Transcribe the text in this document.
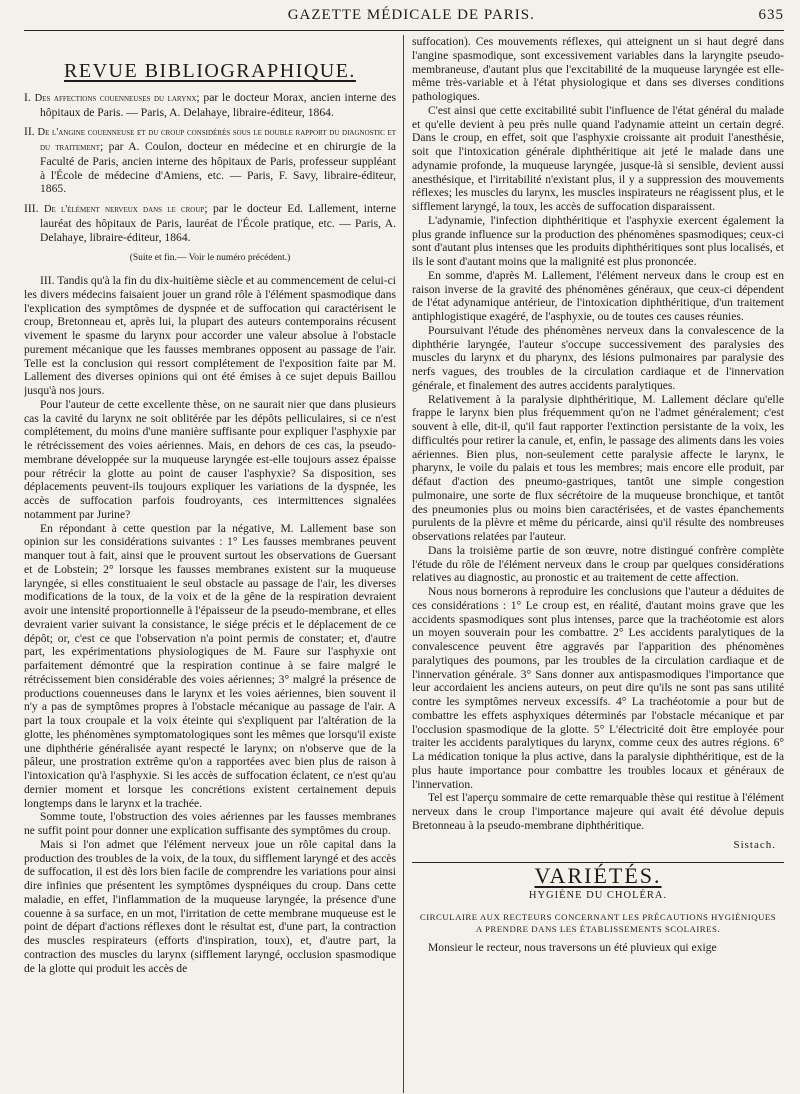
GAZETTE MÉDICALE DE PARIS.	635
REVUE BIBLIOGRAPHIQUE.

I. Des affections couenneuses du larynx; par le docteur Morax, ancien interne des hôpitaux de Paris. — Paris, A. Delahaye, libraire-éditeur, 1864.

II. De l'angine couenneuse et du croup considérés sous le double rapport du diagnostic et du traitement; par A. Coulon, docteur en médecine et en chirurgie de la Faculté de Paris, ancien interne des hôpitaux de Paris, professeur suppléant à l'École de médecine d'Amiens, etc. — Paris, F. Savy, libraire-éditeur, 1865.

III. De l'élément nerveux dans le croup; par le docteur Ed. Lallement, interne lauréat des hôpitaux de Paris, lauréat de l'École pratique, etc. — Paris, A. Delahaye, libraire-éditeur, 1864.

(Suite et fin.— Voir le numéro précédent.)

III. Tandis qu'à la fin du dix-huitième siècle et au commencement de celui-ci les divers médecins faisaient jouer un grand rôle à l'élément spasmodique dans l'explication des symptômes de dyspnée et de suffocation qui caractérisent le croup, Bretonneau et, après lui, la plupart des auteurs contemporains récusent vivement le spasme du larynx pour accorder une valeur absolue à l'obstacle purement mécanique que les fausses membranes opposent au passage de l'air. Telle est la conclusion qui ressort complétement de l'exposition faite par M. Lallement des diverses opinions qui ont été émises à ce sujet depuis Baillou jusqu'à nos jours.

Pour l'auteur de cette excellente thèse, on ne saurait nier que dans plusieurs cas la cavité du larynx ne soit oblitérée par les dépôts pelliculaires, si ce n'est complétement, du moins d'une manière suffisante pour expliquer l'asphyxie par le rétrécissement des voies aériennes. Mais, en dehors de ces cas, la pseudo-membrane développée sur la muqueuse laryngée est-elle toujours assez épaisse pour rétrécir la glotte au point de causer l'asphyxie? Sa disposition, ses déplacements peuvent-ils toujours expliquer les variations de la dyspnée, les accès de suffocation parfois foudroyants, ces intermittences signalées notamment par Jurine?

En répondant à cette question par la négative, M. Lallement base son opinion sur les considérations suivantes : 1° Les fausses membranes peuvent manquer tout à fait, ainsi que le prouvent surtout les observations de Guersant et de Lobstein; 2° lorsque les fausses membranes existent sur la muqueuse laryngée, si elles constituaient le seul obstacle au passage de l'air, les diverses modifications de la toux, de la voix et de la gêne de la respiration devraient avoir une intensité proportionnelle à l'épaisseur de la pseudo-membrane, et elles devraient varier suivant la consistance, le siége précis et le déplacement de ce dépôt; or, c'est ce que l'observation n'a point permis de constater; et, d'autre part, les expérimentations physiologiques de M. Faure sur l'asphyxie ont parfaitement démontré que la respiration continue à se faire malgré le rétrécissement bien considérable des voies aériennes; 3° malgré la présence de productions couenneuses dans le larynx et les voies aériennes, bien souvent il n'y a pas de symptômes propres à l'obstacle mécanique au passage de l'air. A part la toux croupale et la voix éteinte qui s'expliquent par l'altération de la glotte, les phénomènes symptomatologiques sont les mêmes que lorsqu'il existe une diphthérie généralisée ayant respecté le larynx; on n'observe que de la pâleur, une prostration extrême qu'on a rapportées avec bien plus de raison à l'intoxication qu'à l'asphyxie. Si les accès de suffocation éclatent, ce n'est qu'au dernier moment et lorsque les concrétions existent certainement depuis longtemps dans le larynx et la trachée.

Somme toute, l'obstruction des voies aériennes par les fausses membranes ne suffit point pour donner une explication suffisante des symptômes du croup.

Mais si l'on admet que l'élément nerveux joue un rôle capital dans la production des troubles de la voix, de la toux, du sifflement laryngé et des accès de suffocation, il est dès lors bien facile de comprendre les variations pour ainsi dire infinies que présentent les symptômes dyspnéiques du croup. Dans cette maladie, en effet, l'inflammation de la muqueuse laryngée, la présence d'une couenne à sa surface, en un mot, l'irritation de cette membrane muqueuse est le point de départ d'actions réflexes dont le résultat est, d'une part, la contraction des muscles respirateurs (efforts d'inspiration, toux), et, d'autre part, la contraction des muscles du larynx (sifflement laryngé, occlusion spasmodique de la glotte qui produit les accès de

suffocation). Ces mouvements réflexes, qui atteignent un si haut degré dans l'angine spasmodique, sont excessivement variables dans la laryngite pseudo-membraneuse, d'autant plus que l'excitabilité de la muqueuse laryngée est elle-même très-variable et à l'état physiologique et dans ses diverses conditions pathologiques.

C'est ainsi que cette excitabilité subit l'influence de l'état général du malade et qu'elle devient à peu près nulle quand l'adynamie atteint un certain degré. Dans le croup, en effet, soit que l'asphyxie croissante ait produit l'anesthésie, soit que l'intoxication générale diphthéritique ait jeté le malade dans une adynamie profonde, la muqueuse laryngée, jusque-là si sensible, devient aussi anesthésique, et l'irritabilité n'existant plus, il y a suppression des mouvements réflexes; les muscles du larynx, les muscles inspirateurs ne réagissent plus, et le sifflement laryngé, la toux, les accès de suffocation disparaissent.

L'adynamie, l'infection diphthéritique et l'asphyxie exercent également la plus grande influence sur la production des phénomènes spasmodiques; ceux-ci sont d'autant plus intenses que les produits diphthéritiques sont plus localisés, et ils le sont d'autant moins que la malignité est plus prononcée.

En somme, d'après M. Lallement, l'élément nerveux dans le croup est en raison inverse de la gravité des phénomènes généraux, que ceux-ci dépendent de l'état adynamique antérieur, de l'intoxication diphthéritique, d'un traitement antiphlogistique exagéré, de l'asphyxie, ou de toutes ces causes réunies.

Poursuivant l'étude des phénomènes nerveux dans la convalescence de la diphthérie laryngée, l'auteur s'occupe successivement des paralysies des muscles du larynx et du pharynx, des lésions pulmonaires par paralysie des nerfs vagues, des troubles de la circulation cardiaque et de l'innervation générale, et finalement des autres accidents paralytiques.

Relativement à la paralysie diphthéritique, M. Lallement déclare qu'elle frappe le larynx bien plus fréquemment qu'on ne l'admet généralement; c'est souvent à elle, dit-il, qu'il faut rapporter l'extinction persistante de la voix, les difficultés pour retirer la canule, et, enfin, le passage des aliments dans les voies aériennes. Bien plus, non-seulement cette paralysie affecte le larynx, le pharynx, le voile du palais et tous les membres; mais encore elle produit, par défaut d'action des pneumo-gastriques, tantôt une simple congestion pulmonaire, une sorte de flux sécrétoire de la muqueuse bronchique, et tantôt des pneumonies plus ou moins bien caractérisées, et de vastes épanchements purulents de la plèvre et même du péricarde, ainsi qu'il résulte des nombreuses observations relatées par l'auteur.

Dans la troisième partie de son œuvre, notre distingué confrère complète l'étude du rôle de l'élément nerveux dans le croup par quelques considérations relatives au diagnostic, au pronostic et au traitement de cette affection.

Nous nous bornerons à reproduire les conclusions que l'auteur a déduites de ces considérations : 1° Le croup est, en réalité, d'autant moins grave que les accidents spasmodiques sont plus intenses, parce que la trachéotomie est alors un moyen souverain pour les combattre. 2° Les accidents paralytiques de la convalescence peuvent être aggravés par l'apparition des phénomènes paralytiques des poumons, par les troubles de la circulation cardiaque et de l'innervation générale. 3° Sans donner aux antispasmodiques l'importance que leur accordaient les anciens auteurs, on peut dire qu'ils ne sont pas sans utilité contre les symptômes nerveux excessifs. 4° La trachéotomie a pour but de combattre les effets asphyxiques déterminés par l'obstacle mécanique et par l'occlusion spasmodique de la glotte. 5° L'électricité doit être employée pour traiter les accidents paralytiques du larynx, comme ceux des autres régions. 6° La médication tonique la plus active, dans la paralysie diphthéritique, est de la plus haute importance pour combattre les troubles locaux et généraux de l'innervation.

Tel est l'aperçu sommaire de cette remarquable thèse qui restitue à l'élément nerveux dans le croup l'importance majeure qui avait été dévolue depuis Bretonneau à la pseudo-membrane diphthéritique.

Sistach.

VARIÉTÉS.

HYGIÈNE DU CHOLÉRA.

CIRCULAIRE AUX RECTEURS CONCERNANT LES PRÉCAUTIONS HYGIÉNIQUES
A PRENDRE DANS LES ÉTABLISSEMENTS SCOLAIRES.

Monsieur le recteur, nous traversons un été pluvieux qui exige
